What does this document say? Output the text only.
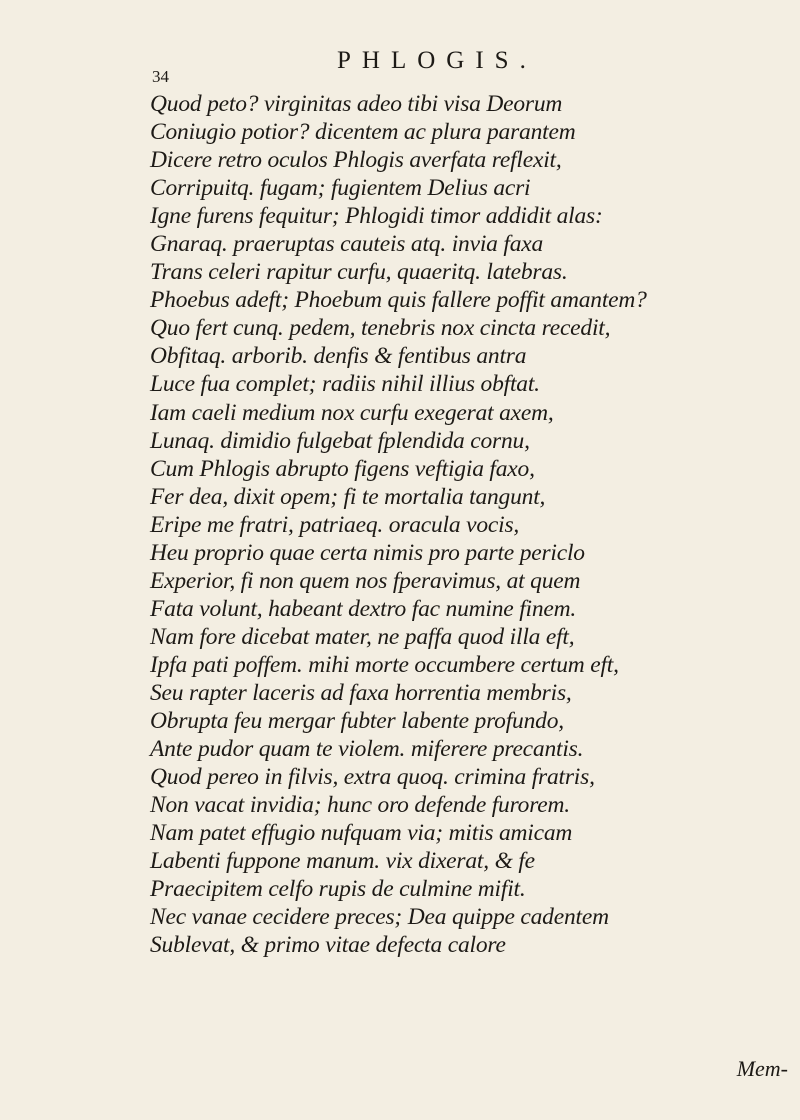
34
PHLOGIS.
Quod peto? virginitas adeo tibi visa Deorum
Coniugio potior? dicentem ac plura parantem
Dicere retro oculos Phlogis averfata reflexit,
Corripuitq. fugam; fugientem Delius acri
Igne furens fequitur; Phlogidi timor addidit alas:
Gnaraq. praeruptas cauteis atq. invia faxa
Trans celeri rapitur curfu, quaeritq. latebras.
Phoebus adeft; Phoebum quis fallere poffit amantem?
Quo fert cunq. pedem, tenebris nox cincta recedit,
Obfitaq. arborib. denfis & fentibus antra
Luce fua complet; radiis nihil illius obftat.
Iam caeli medium nox curfu exegerat axem,
Lunaq. dimidio fulgebat fplendida cornu,
Cum Phlogis abrupto figens veftigia faxo,
Fer dea, dixit opem; fi te mortalia tangunt,
Eripe me fratri, patriaeq. oracula vocis,
Heu proprio quae certa nimis pro parte periclo
Experior, fi non quem nos fperavimus, at quem
Fata volunt, habeant dextro fac numine finem.
Nam fore dicebat mater, ne paffa quod illa eft,
Ipfa pati poffem. mihi morte occumbere certum eft,
Seu rapter laceris ad faxa horrentia membris,
Obrupta feu mergar fubter labente profundo,
Ante pudor quam te violem. miferere precantis.
Quod pereo in filvis, extra quoq. crimina fratris,
Non vacat invidia; hunc oro defende furorem.
Nam patet effugio nufquam via; mitis amicam
Labenti fuppone manum. vix dixerat, & fe
Praecipitem celfo rupis de culmine mifit.
Nec vanae cecidere preces; Dea quippe cadentem
Sublevat, & primo vitae defecta calore
Mem-
